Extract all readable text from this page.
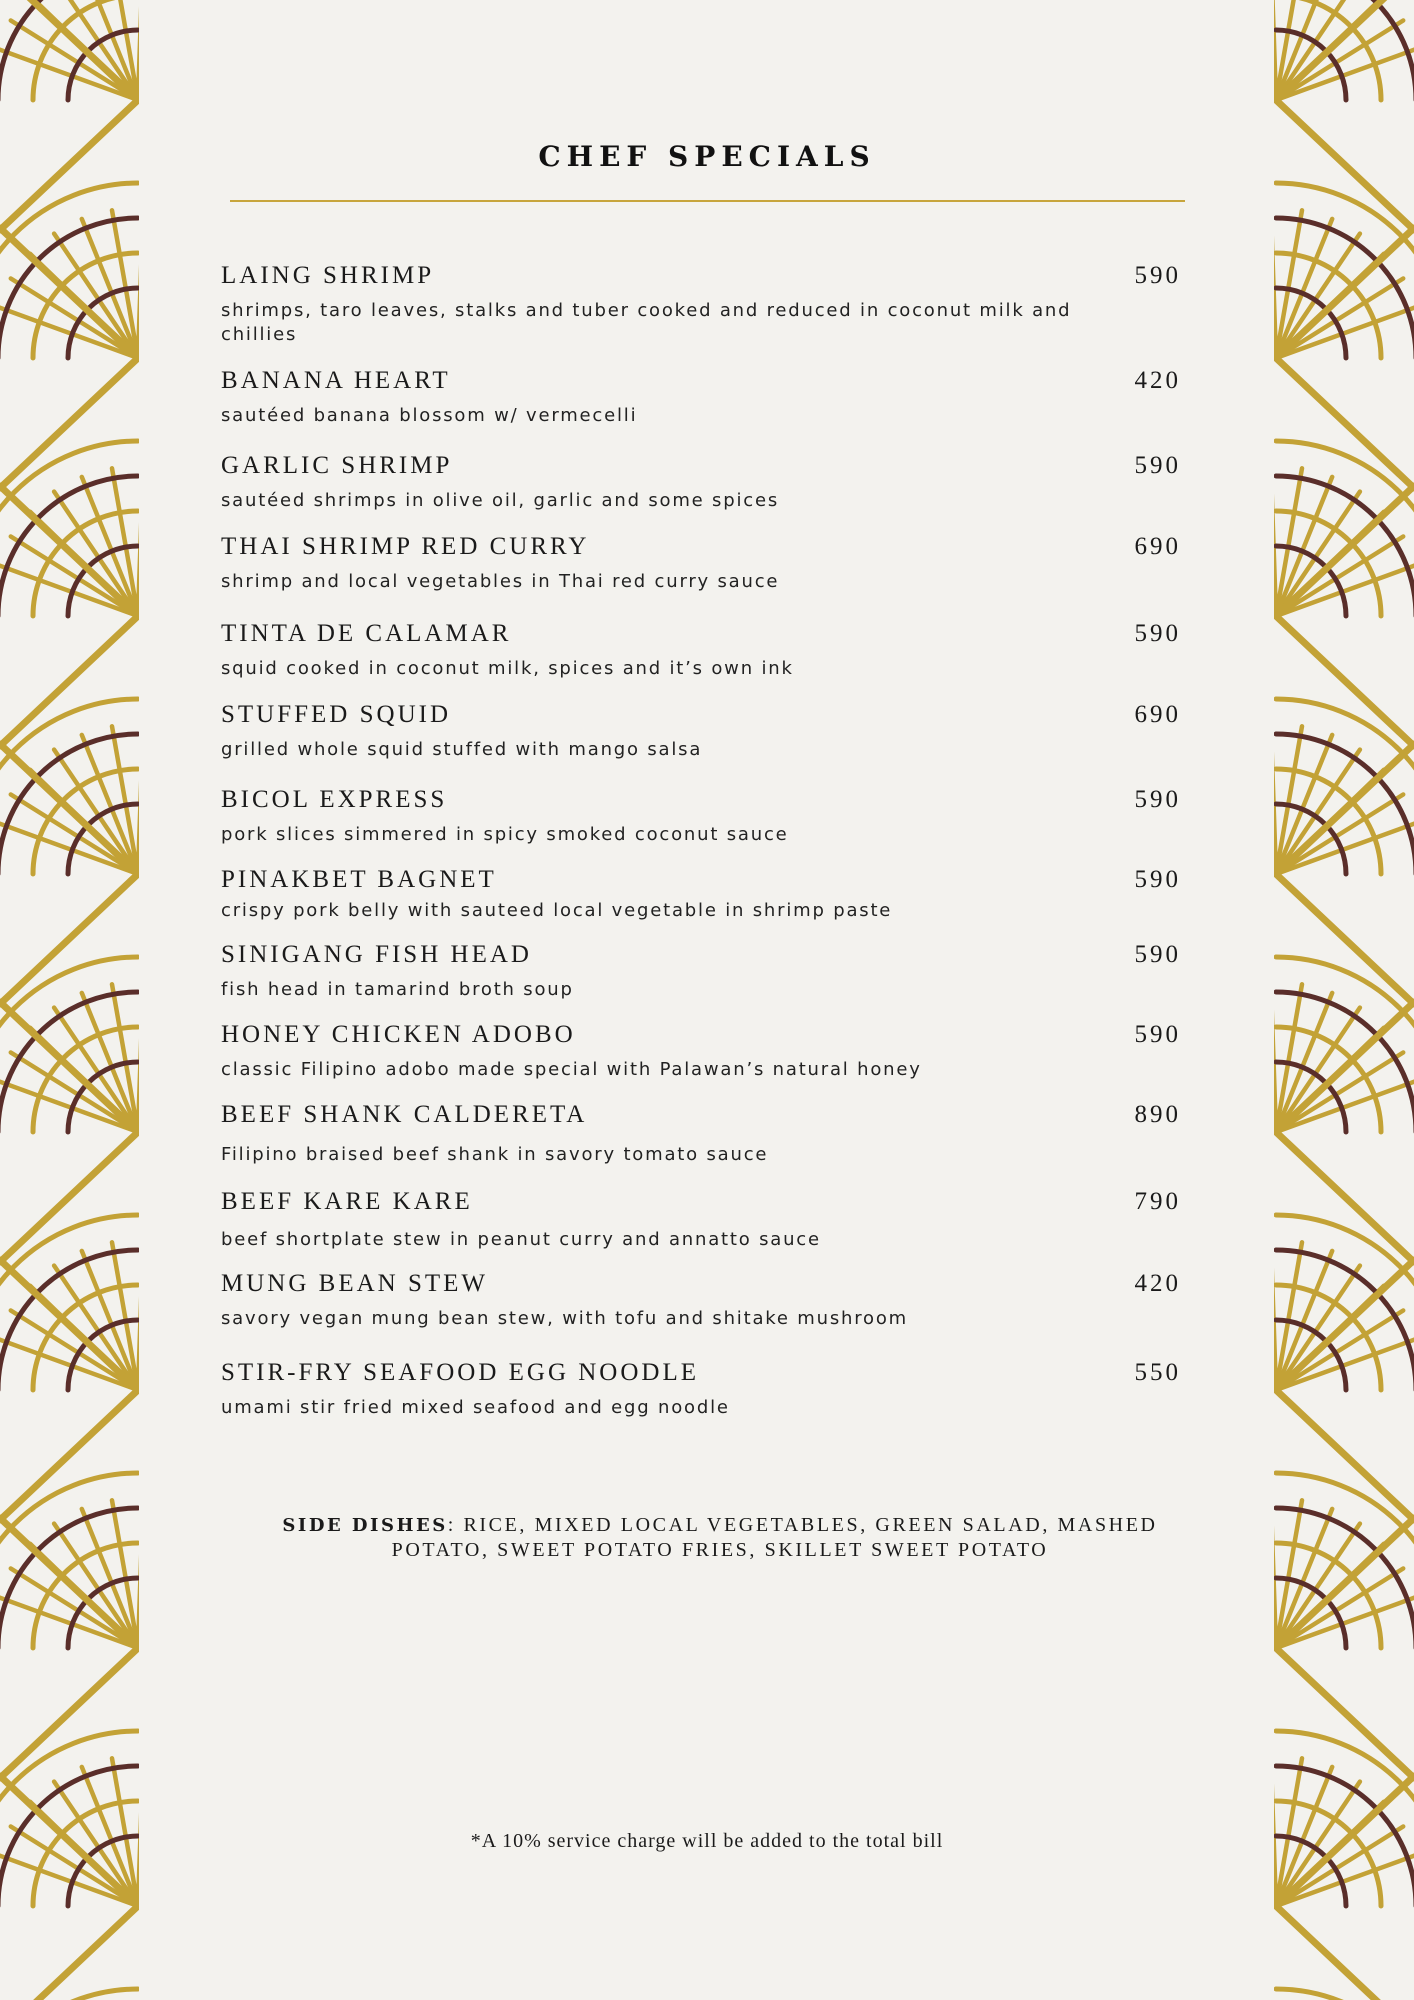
CHEF SPECIALS
LAING SHRIMP	590
shrimps, taro leaves, stalks and tuber cooked and reduced in coconut milk and chillies
BANANA HEART	420
sautéed banana blossom w/ vermecelli
GARLIC SHRIMP	590
sautéed shrimps in olive oil, garlic and some spices
THAI SHRIMP RED CURRY	690
shrimp and local vegetables in Thai red curry sauce
TINTA DE CALAMAR	590
squid cooked in coconut milk, spices and it’s own ink
STUFFED SQUID	690
grilled whole squid stuffed with mango salsa
BICOL EXPRESS	590
pork slices simmered in spicy smoked coconut sauce
PINAKBET BAGNET	590
crispy pork belly with sauteed local vegetable in shrimp paste
SINIGANG FISH HEAD	590
fish head in tamarind broth soup
HONEY CHICKEN ADOBO	590
classic Filipino adobo made special with Palawan’s natural honey
BEEF SHANK CALDERETA	890
Filipino braised beef shank in savory tomato sauce
BEEF KARE KARE	790
beef shortplate stew in peanut curry and annatto sauce
MUNG BEAN STEW	420
savory vegan mung bean stew, with tofu and shitake mushroom
STIR-FRY SEAFOOD EGG NOODLE	550
umami stir fried mixed seafood and egg noodle
SIDE DISHES: RICE, MIXED LOCAL VEGETABLES, GREEN SALAD, MASHED POTATO, SWEET POTATO FRIES, SKILLET SWEET POTATO
*A 10% service charge will be added to the total bill
